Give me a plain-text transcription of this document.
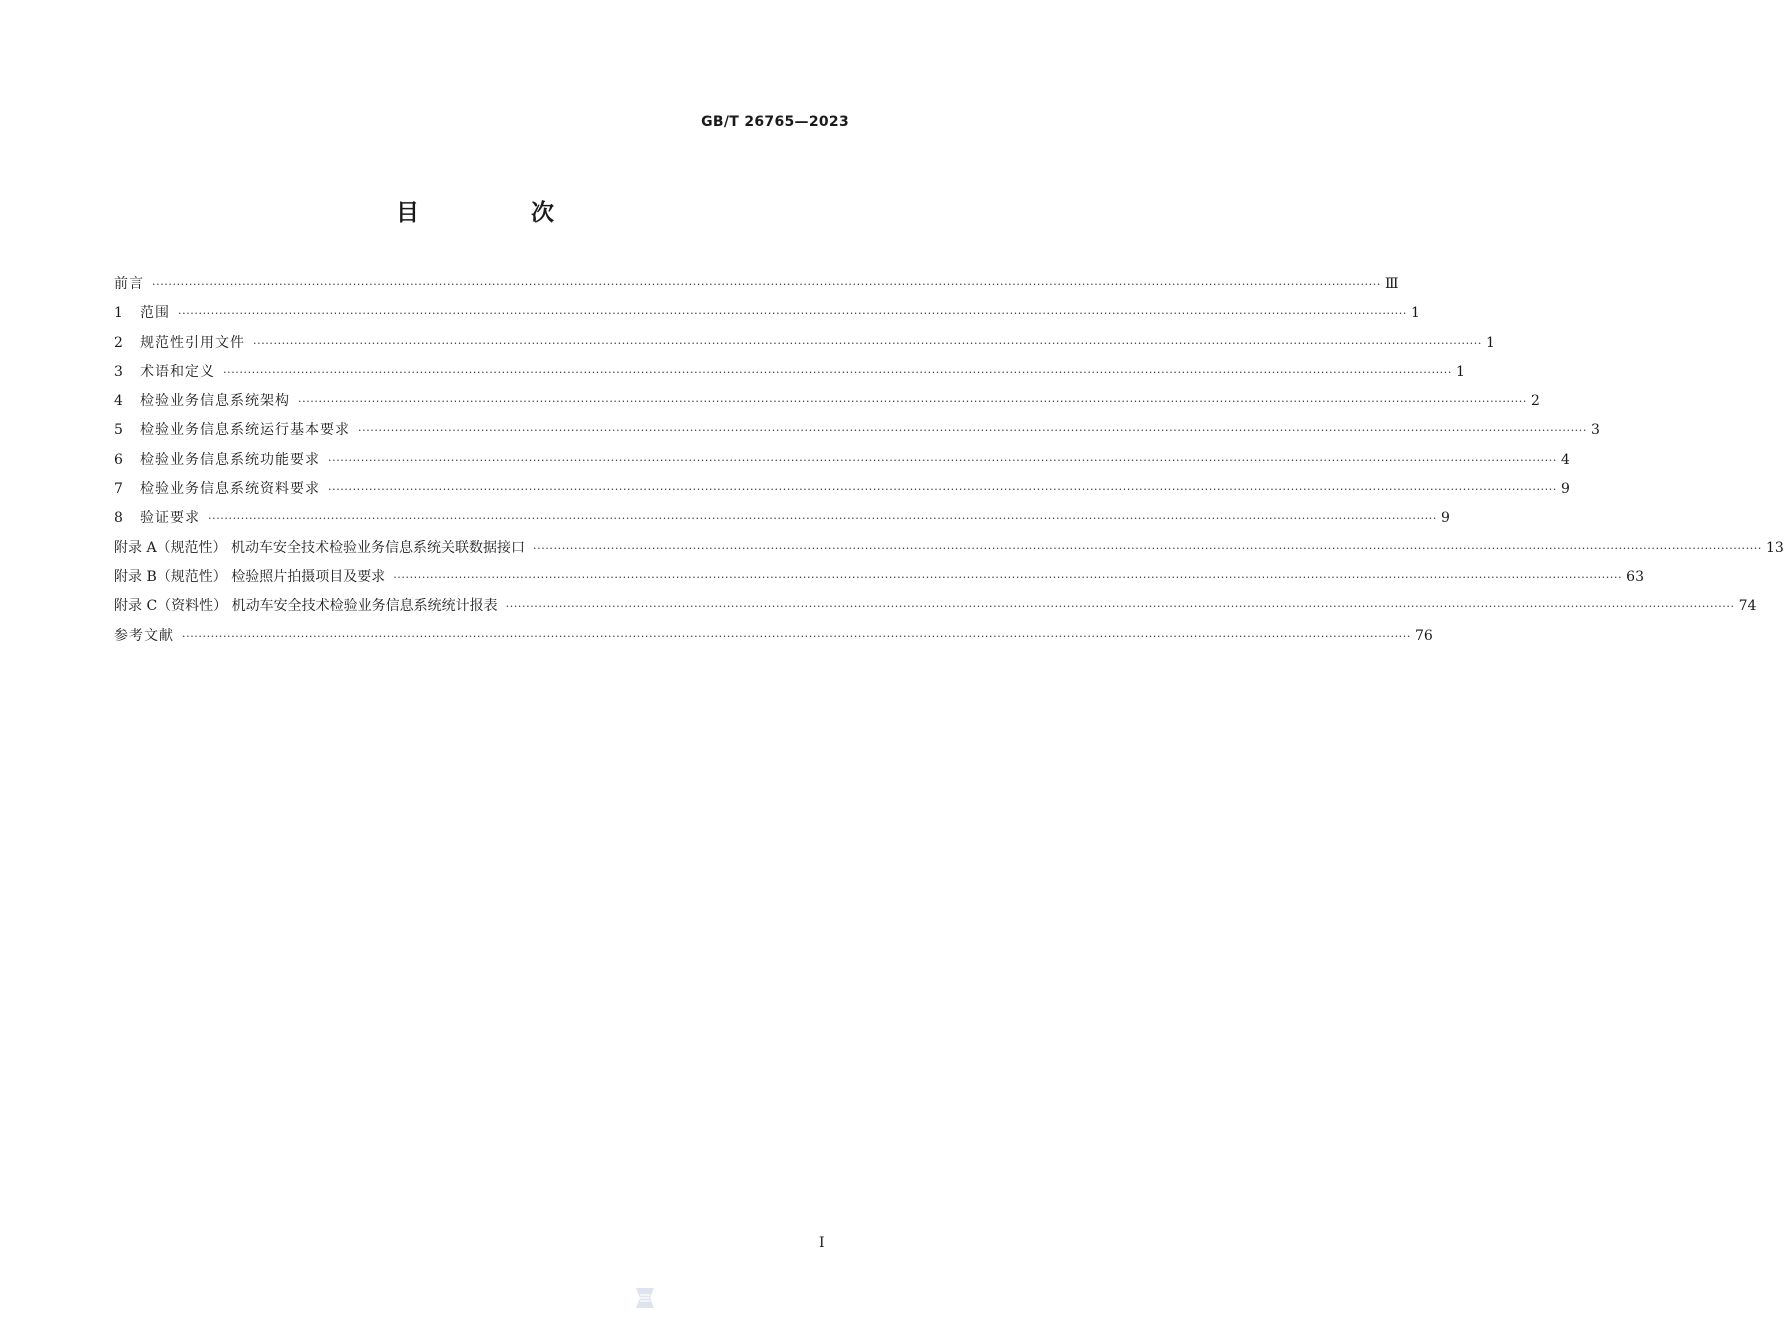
GB/T 26765—2023
目 次
前言 ············································································································································································································································································································ Ⅲ
1	范围 ············································································································································································································································································································ 1
2	规范性引用文件 ············································································································································································································································································································ 1
3	术语和定义 ············································································································································································································································································································ 1
4	检验业务信息系统架构 ············································································································································································································································································································ 2
5	检验业务信息系统运行基本要求 ············································································································································································································································································································ 3
6	检验业务信息系统功能要求 ············································································································································································································································································································ 4
7	检验业务信息系统资料要求 ············································································································································································································································································································ 9
8	验证要求 ············································································································································································································································································································ 9
附录 A（规范性） 机动车安全技术检验业务信息系统关联数据接口 ············································································································································································································································································································ 13
附录 B（规范性） 检验照片拍摄项目及要求 ············································································································································································································································································································ 63
附录 C（资料性） 机动车安全技术检验业务信息系统统计报表 ············································································································································································································································································································ 74
参考文献 ············································································································································································································································································································ 76
I
